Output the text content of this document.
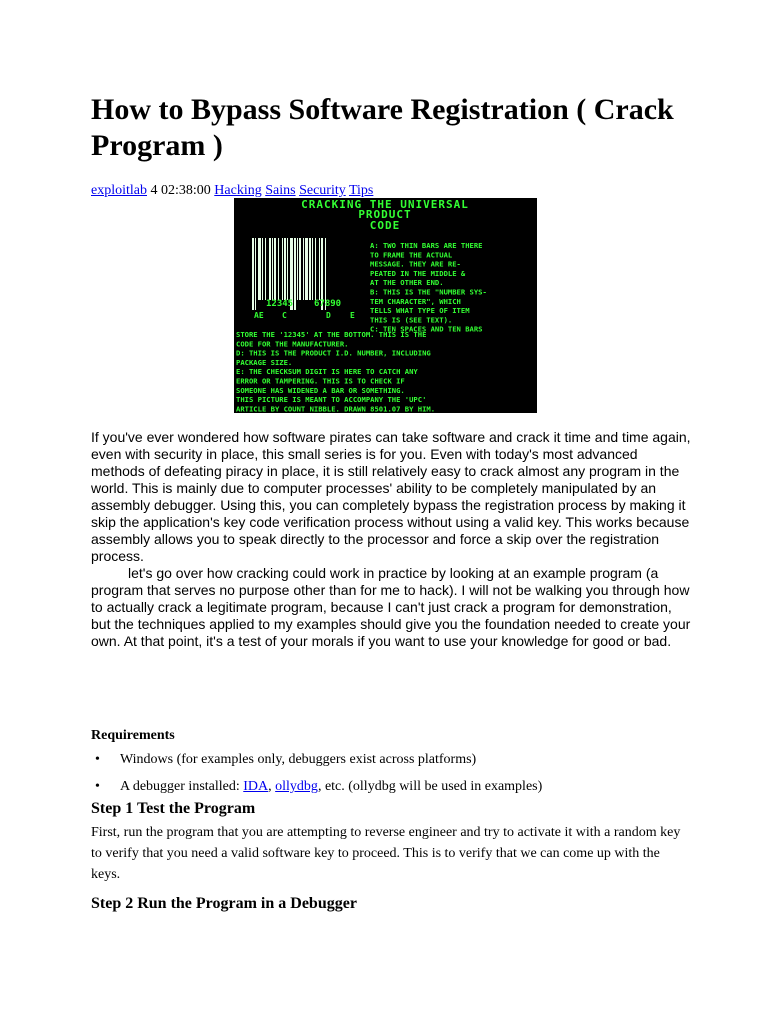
How to Bypass Software Registration ( Crack Program )
exploitlab 4 02:38:00 Hacking Sains Security Tips
CRACKING THE UNIVERSAL
PRODUCT
CODE
12345 67890
AE C	D E
A: TWO THIN BARS ARE THERE
TO FRAME THE ACTUAL
MESSAGE. THEY ARE RE-
PEATED IN THE MIDDLE &
AT THE OTHER END.
B: THIS IS THE "NUMBER SYS-
TEM CHARACTER", WHICH
TELLS WHAT TYPE OF ITEM
THIS IS (SEE TEXT).
C: TEN SPACES AND TEN BARS
STORE THE '12345' AT THE BOTTOM. THIS IS THE
CODE FOR THE MANUFACTURER.
D: THIS IS THE PRODUCT I.D. NUMBER, INCLUDING
PACKAGE SIZE.
E: THE CHECKSUM DIGIT IS HERE TO CATCH ANY
ERROR OR TAMPERING. THIS IS TO CHECK IF
SOMEONE HAS WIDENED A BAR OR SOMETHING.
THIS PICTURE IS MEANT TO ACCOMPANY THE 'UPC'
ARTICLE BY COUNT NIBBLE. DRAWN 8501.07 BY HIM.

If you've ever wondered how software pirates can take software and crack it time and time again, even with security in place, this small series is for you. Even with today's most advanced methods of defeating piracy in place, it is still relatively easy to crack almost any program in the world. This is mainly due to computer processes' ability to be completely manipulated by an assembly debugger. Using this, you can completely bypass the registration process by making it skip the application's key code verification process without using a valid key. This works because assembly allows you to speak directly to the processor and force a skip over the registration process.

let's go over how cracking could work in practice by looking at an example program (a program that serves no purpose other than for me to hack). I will not be walking you through how to actually crack a legitimate program, because I can't just crack a program for demonstration, but the techniques applied to my examples should give you the foundation needed to create your own. At that point, it's a test of your morals if you want to use your knowledge for good or bad.

Requirements
• Windows (for examples only, debuggers exist across platforms)
• A debugger installed: IDA, ollydbg, etc. (ollydbg will be used in examples)
Step 1 Test the Program
First, run the program that you are attempting to reverse engineer and try to activate it with a random key to verify that you need a valid software key to proceed. This is to verify that we can come up with the keys.
Step 2 Run the Program in a Debugger
